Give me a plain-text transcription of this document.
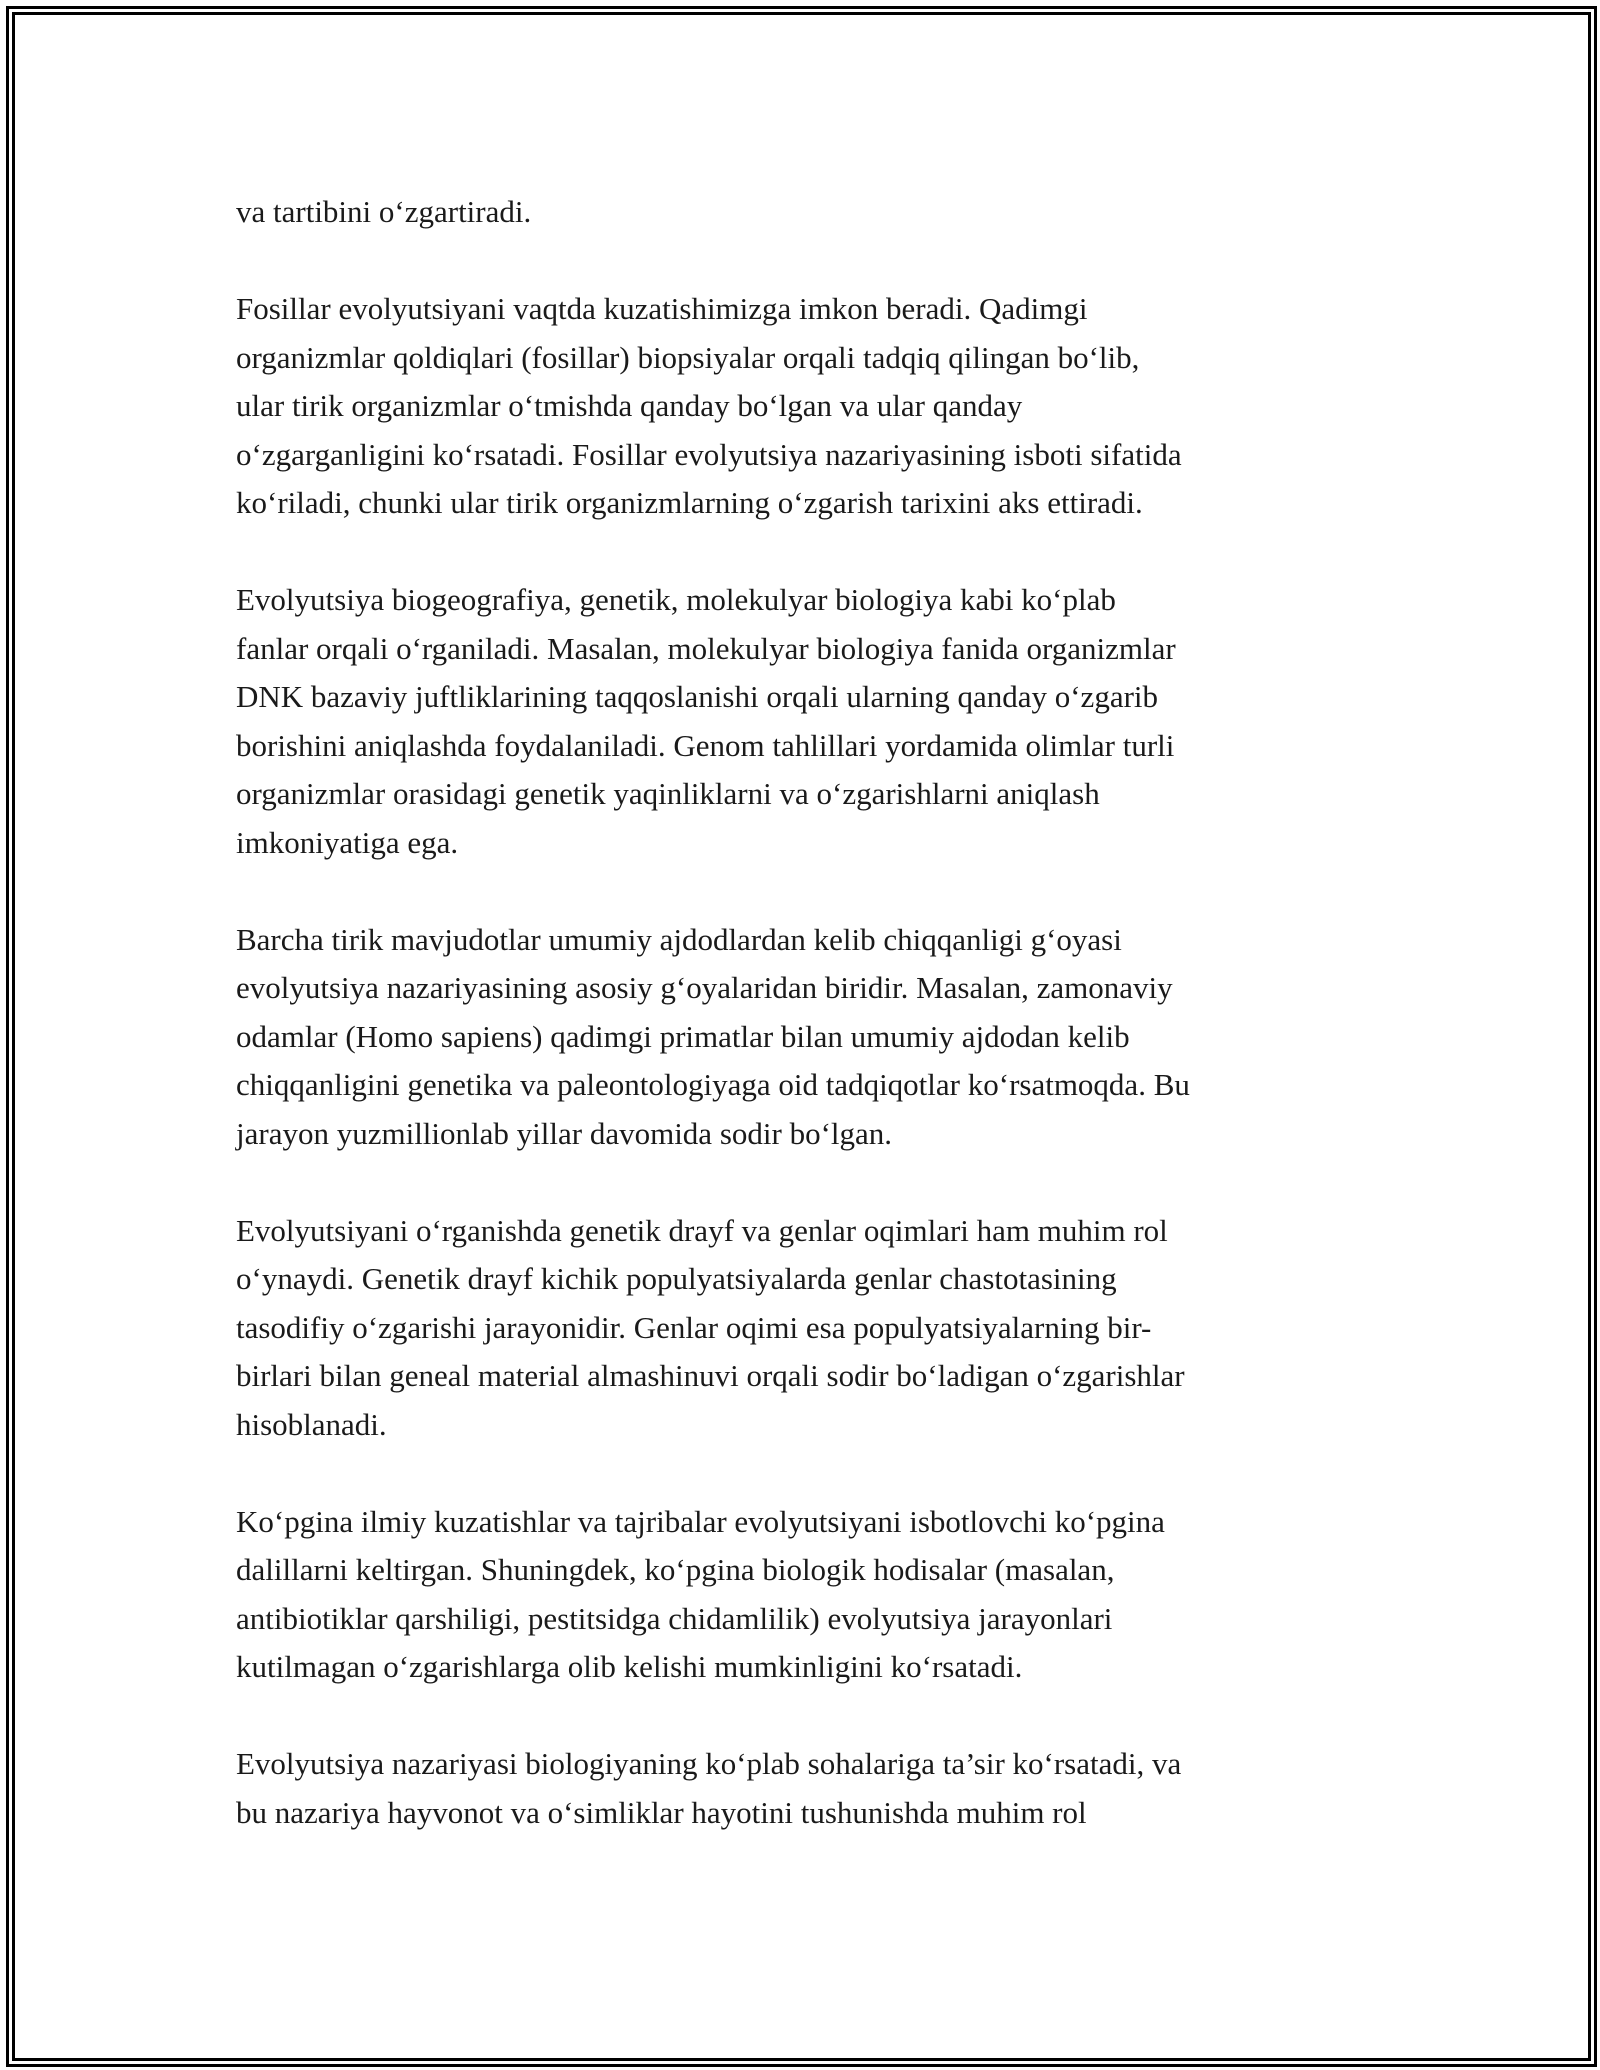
va tartibini o‘zgartiradi.

Fosillar evolyutsiyani vaqtda kuzatishimizga imkon beradi. Qadimgi
organizmlar qoldiqlari (fosillar) biopsiyalar orqali tadqiq qilingan bo‘lib,
ular tirik organizmlar o‘tmishda qanday bo‘lgan va ular qanday
o‘zgarganligini ko‘rsatadi. Fosillar evolyutsiya nazariyasining isboti sifatida
ko‘riladi, chunki ular tirik organizmlarning o‘zgarish tarixini aks ettiradi.

Evolyutsiya biogeografiya, genetik, molekulyar biologiya kabi ko‘plab
fanlar orqali o‘rganiladi. Masalan, molekulyar biologiya fanida organizmlar
DNK bazaviy juftliklarining taqqoslanishi orqali ularning qanday o‘zgarib
borishini aniqlashda foydalaniladi. Genom tahlillari yordamida olimlar turli
organizmlar orasidagi genetik yaqinliklarni va o‘zgarishlarni aniqlash
imkoniyatiga ega.

Barcha tirik mavjudotlar umumiy ajdodlardan kelib chiqqanligi g‘oyasi
evolyutsiya nazariyasining asosiy g‘oyalaridan biridir. Masalan, zamonaviy
odamlar (Homo sapiens) qadimgi primatlar bilan umumiy ajdodan kelib
chiqqanligini genetika va paleontologiyaga oid tadqiqotlar ko‘rsatmoqda. Bu
jarayon yuzmillionlab yillar davomida sodir bo‘lgan.

Evolyutsiyani o‘rganishda genetik drayf va genlar oqimlari ham muhim rol
o‘ynaydi. Genetik drayf kichik populyatsiyalarda genlar chastotasining
tasodifiy o‘zgarishi jarayonidir. Genlar oqimi esa populyatsiyalarning bir-
birlari bilan geneal material almashinuvi orqali sodir bo‘ladigan o‘zgarishlar
hisoblanadi.

Ko‘pgina ilmiy kuzatishlar va tajribalar evolyutsiyani isbotlovchi ko‘pgina
dalillarni keltirgan. Shuningdek, ko‘pgina biologik hodisalar (masalan,
antibiotiklar qarshiligi, pestitsidga chidamlilik) evolyutsiya jarayonlari
kutilmagan o‘zgarishlarga olib kelishi mumkinligini ko‘rsatadi.

Evolyutsiya nazariyasi biologiyaning ko‘plab sohalariga ta’sir ko‘rsatadi, va
bu nazariya hayvonot va o‘simliklar hayotini tushunishda muhim rol
